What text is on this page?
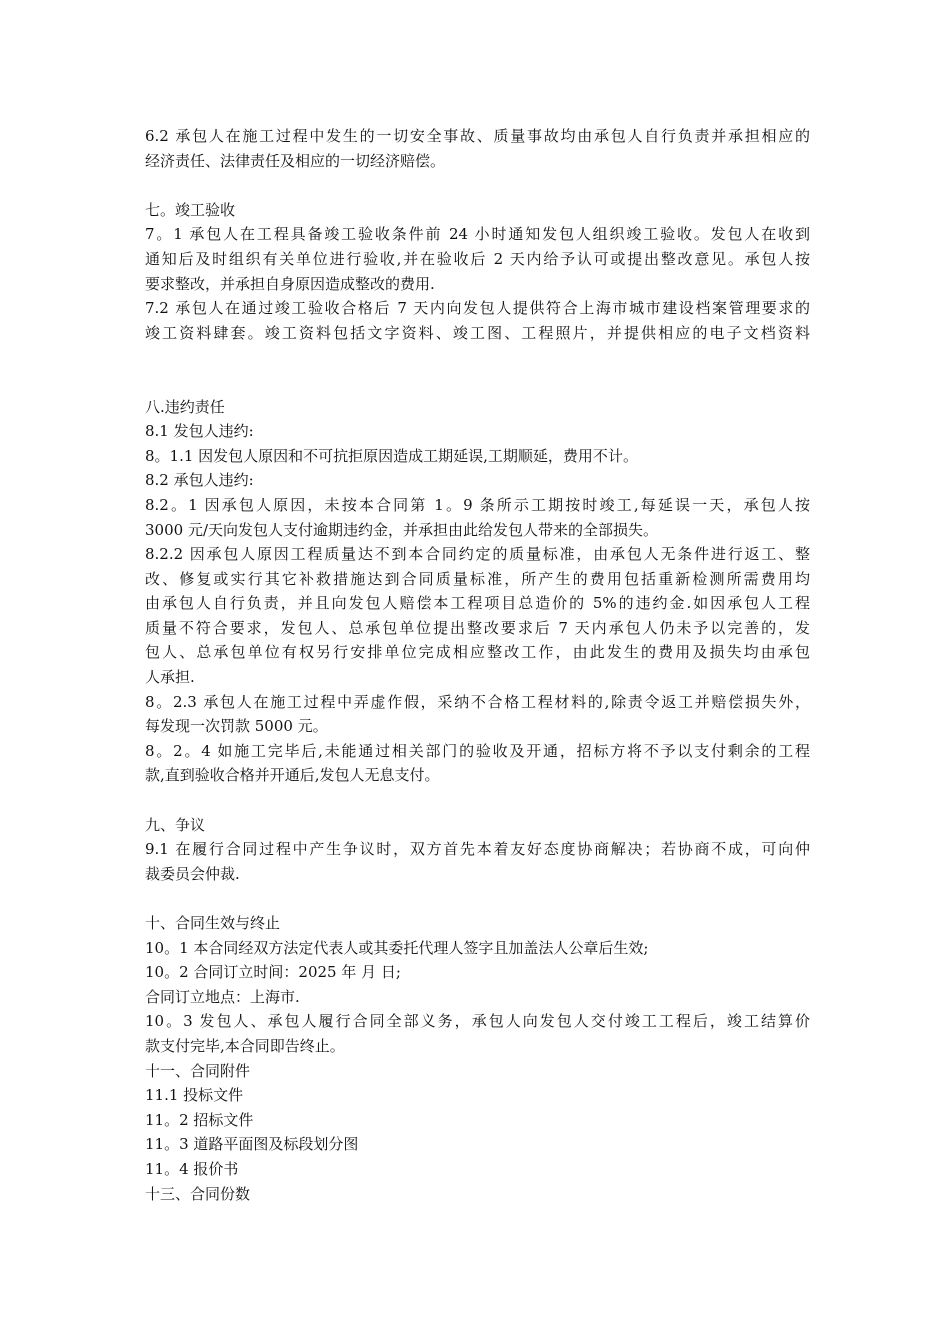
6.2 承包人在施工过程中发生的一切安全事故、质量事故均由承包人自行负责并承担相应的
经济责任、法律责任及相应的一切经济赔偿。
七。竣工验收
7。1 承包人在工程具备竣工验收条件前 24 小时通知发包人组织竣工验收。发包人在收到
通知后及时组织有关单位进行验收,并在验收后 2 天内给予认可或提出整改意见。承包人按
要求整改，并承担自身原因造成整改的费用.
7.2 承包人在通过竣工验收合格后 7 天内向发包人提供符合上海市城市建设档案管理要求的
竣工资料肆套。竣工资料包括文字资料、竣工图、工程照片，并提供相应的电子文档资料
八.违约责任
8.1 发包人违约:
8。1.1 因发包人原因和不可抗拒原因造成工期延误,工期顺延，费用不计。
8.2 承包人违约:
8.2。1 因承包人原因，未按本合同第 1。9 条所示工期按时竣工,每延误一天，承包人按
3000 元/天向发包人支付逾期违约金，并承担由此给发包人带来的全部损失。
8.2.2 因承包人原因工程质量达不到本合同约定的质量标准，由承包人无条件进行返工、整
改、修复或实行其它补救措施达到合同质量标准，所产生的费用包括重新检测所需费用均
由承包人自行负责，并且向发包人赔偿本工程项目总造价的 5%的违约金.如因承包人工程
质量不符合要求，发包人、总承包单位提出整改要求后 7 天内承包人仍未予以完善的，发
包人、总承包单位有权另行安排单位完成相应整改工作，由此发生的费用及损失均由承包
人承担.
8。2.3 承包人在施工过程中弄虚作假，采纳不合格工程材料的,除责令返工并赔偿损失外，
每发现一次罚款 5000 元。
8。2。4 如施工完毕后,未能通过相关部门的验收及开通，招标方将不予以支付剩余的工程
款,直到验收合格并开通后,发包人无息支付。
九、争议
9.1 在履行合同过程中产生争议时，双方首先本着友好态度协商解决；若协商不成，可向仲
裁委员会仲裁.
十、合同生效与终止
10。1 本合同经双方法定代表人或其委托代理人签字且加盖法人公章后生效;
10。2 合同订立时间：2025 年 月 日;
合同订立地点：上海市.
10。3 发包人、承包人履行合同全部义务，承包人向发包人交付竣工工程后，竣工结算价
款支付完毕,本合同即告终止。
十一、合同附件
11.1 投标文件
11。2 招标文件
11。3 道路平面图及标段划分图
11。4 报价书
十三、合同份数
